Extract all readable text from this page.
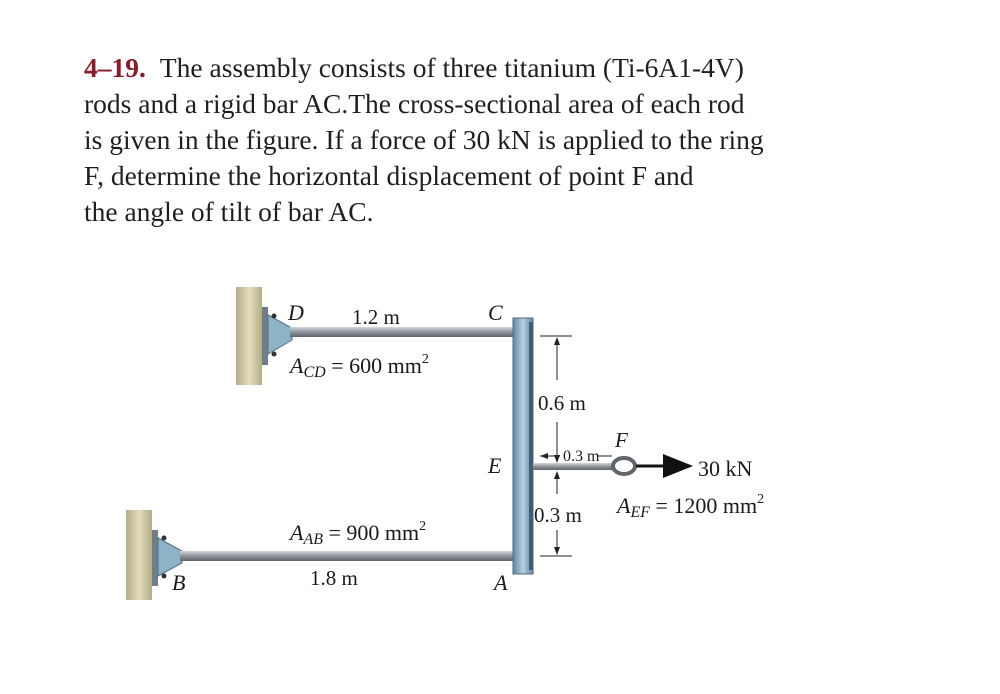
4–19. The assembly consists of three titanium (Ti-6A1-4V)
rods and a rigid bar AC.The cross-sectional area of each rod
is given in the figure. If a force of 30 kN is applied to the ring
F, determine the horizontal displacement of point F and
the angle of tilt of bar AC.
D 1.2 m	C
ACD = 600 $mm^2$
AAB = 900 $mm^2$
1.8 m
B	A
E
0.6 m
0.3 m
F
0.3 m
30 kN
AEF = 1200 $mm^2$
